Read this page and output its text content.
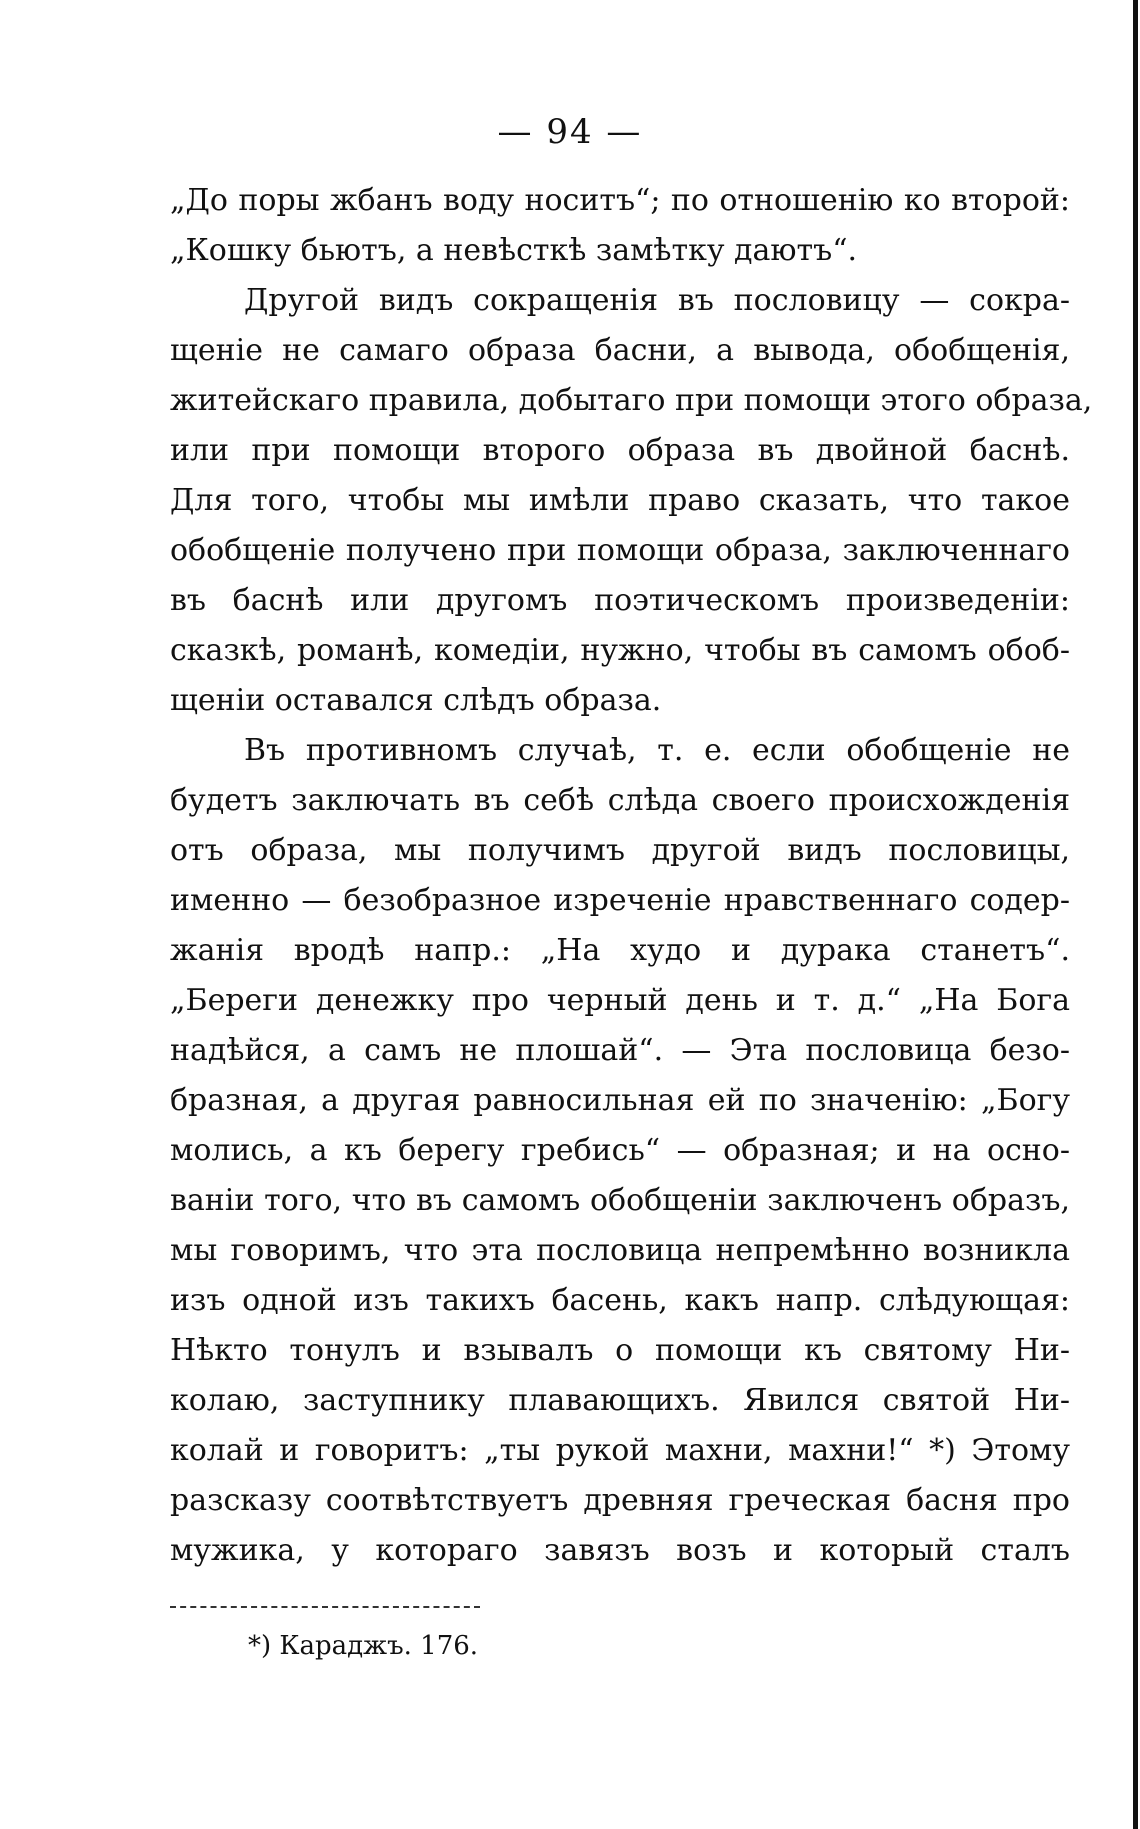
— 94 —
„До поры жбанъ воду носитъ“; по отношенію ко второй:
„Кошку бьютъ, а невѣсткѣ замѣтку даютъ“.
Другой видъ сокращенія въ пословицу — сокра-
щеніе не самаго образа басни, а вывода, обобщенія,
житейскаго правила, добытаго при помощи этого образа,
или при помощи второго образа въ двойной баснѣ.
Для того, чтобы мы имѣли право сказать, что такое
обобщеніе получено при помощи образа, заключеннаго
въ баснѣ или другомъ поэтическомъ произведеніи:
сказкѣ, романѣ, комедіи, нужно, чтобы въ самомъ обоб-
щеніи оставался слѣдъ образа.
Въ противномъ случаѣ, т. е. если обобщеніе не
будетъ заключать въ себѣ слѣда своего происхожденія
отъ образа, мы получимъ другой видъ пословицы,
именно — безобразное изреченіе нравственнаго содер-
жанія вродѣ напр.: „На худо и дурака станетъ“.
„Береги денежку про черный день и т. д.“ „На Бога
надѣйся, а самъ не плошай“. — Эта пословица безо-
бразная, а другая равносильная ей по значенію: „Богу
молись, а къ берегу гребись“ — образная; и на осно-
ваніи того, что въ самомъ обобщеніи заключенъ образъ,
мы говоримъ, что эта пословица непремѣнно возникла
изъ одной изъ такихъ басень, какъ напр. слѣдующая:
Нѣкто тонулъ и взывалъ о помощи къ святому Ни-
колаю, заступнику плавающихъ. Явился святой Ни-
колай и говоритъ: „ты рукой махни, махни!“ *) Этому
разсказу соотвѣтствуетъ древняя греческая басня про
мужика, у котораго завязъ возъ и который сталъ
*) Караджъ. 176.
